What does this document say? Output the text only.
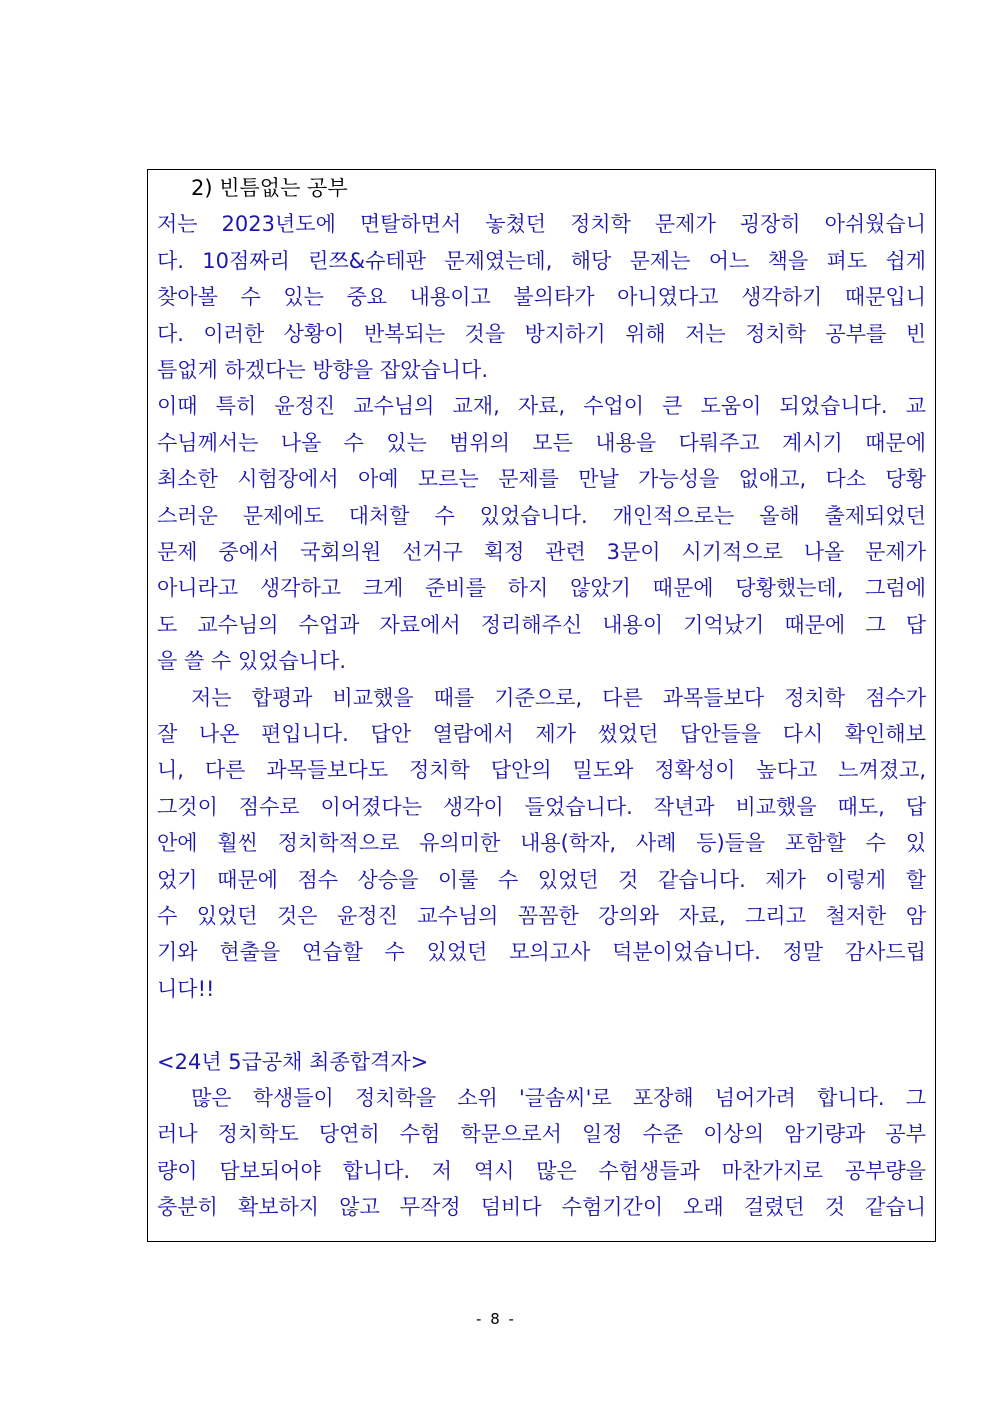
2) 빈틈없는 공부
저는 2023년도에 면탈하면서 놓쳤던 정치학 문제가 굉장히 아쉬웠습니
다. 10점짜리 린쯔&슈테판 문제였는데, 해당 문제는 어느 책을 펴도 쉽게
찾아볼 수 있는 중요 내용이고 불의타가 아니였다고 생각하기 때문입니
다. 이러한 상황이 반복되는 것을 방지하기 위해 저는 정치학 공부를 빈
틈없게 하겠다는 방향을 잡았습니다.
이때 특히 윤정진 교수님의 교재, 자료, 수업이 큰 도움이 되었습니다. 교
수님께서는 나올 수 있는 범위의 모든 내용을 다뤄주고 계시기 때문에
최소한 시험장에서 아예 모르는 문제를 만날 가능성을 없애고, 다소 당황
스러운 문제에도 대처할 수 있었습니다. 개인적으로는 올해 출제되었던
문제 중에서 국회의원 선거구 획정 관련 3문이 시기적으로 나올 문제가
아니라고 생각하고 크게 준비를 하지 않았기 때문에 당황했는데, 그럼에
도 교수님의 수업과 자료에서 정리해주신 내용이 기억났기 때문에 그 답
을 쓸 수 있었습니다.
저는 합평과 비교했을 때를 기준으로, 다른 과목들보다 정치학 점수가
잘 나온 편입니다. 답안 열람에서 제가 썼었던 답안들을 다시 확인해보
니, 다른 과목들보다도 정치학 답안의 밀도와 정확성이 높다고 느껴졌고,
그것이 점수로 이어졌다는 생각이 들었습니다. 작년과 비교했을 때도, 답
안에 훨씬 정치학적으로 유의미한 내용(학자, 사례 등)들을 포함할 수 있
었기 때문에 점수 상승을 이룰 수 있었던 것 같습니다. 제가 이렇게 할
수 있었던 것은 윤정진 교수님의 꼼꼼한 강의와 자료, 그리고 철저한 암
기와 현출을 연습할 수 있었던 모의고사 덕분이었습니다. 정말 감사드립
니다!!
<24년 5급공채 최종합격자>
많은 학생들이 정치학을 소위 '글솜씨'로 포장해 넘어가려 합니다. 그
러나 정치학도 당연히 수험 학문으로서 일정 수준 이상의 암기량과 공부
량이 담보되어야 합니다. 저 역시 많은 수험생들과 마찬가지로 공부량을
충분히 확보하지 않고 무작정 덤비다 수험기간이 오래 걸렸던 것 같습니
- 8 -
